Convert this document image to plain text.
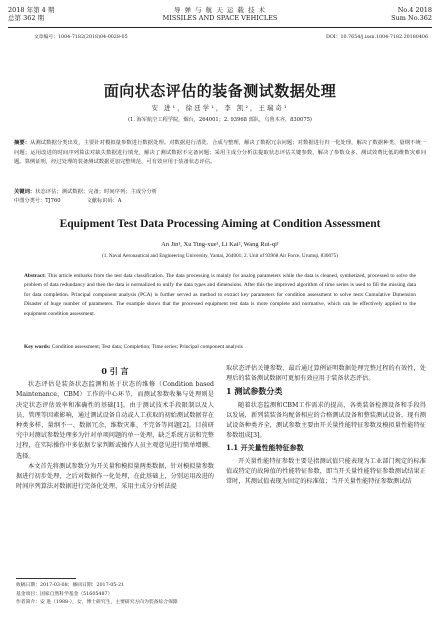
2018 年第 4 期
总第 362 期
导 弹 与 航 天 运 载 技 术
MISSILES AND SPACE VEHICLES
No.4 2018
Sum No.362
文章编号：1004-7182(2018)04-0028-05	DOI：10.7654/j.issn.1004-7182.20180406
面向状态评估的装备测试数据处理
安 进¹，徐廷学¹，李 凯²，王瑞奇¹
(1. 海军航空工程学院，烟台，264001；2. 93968 部队，乌鲁木齐，830075)
摘要：从测试数据分类出发，主要针对模拟量参数进行数据处理。对数据进行清洗、合成与整理，解决了数据冗余问题；对数据进行归一化处理，解决了数据种类、量纲不统一问题；运用改进的时间序列算法对缺失数据进行填充，解决了测试数据不完备问题；采用主成分分析法提取状态评估关键参数，解决了参数众多、测试效费比低的维数灾难问题。算例证明，经过处理的装备测试数据更加完整规范，可有效应用于装备状态评估。
关键词：状态评估；测试数据；完备；时间序列；主成分分析
中图分类号：TJ760	文献标识码：A
Equipment Test Data Processing Aiming at Condition Assessment
An Jin¹, Xu Ting-xue¹, Li Kai², Wang Rui-qi¹
(1. Naval Aeronautical and Engineering University, Yantai, 264001; 2. Unit of 93968 Air Force, Urumqi, 830075)
Abstract: This article embarks from the test data classification. The data processing is mainly for analog parameters while the data is cleaned, synthetized, processed to solve the problem of data redundancy and then the data is normalized to unify the data types and dimensions. After this the improved algorithm of time series is used to fill the missing data for data completion. Principal component analysis (PCA) is further served as method to extract key parameters for condition assessment to solve tests Cumulative Dimension Disaster of huge number of parameters. The example shows that the processed equipment test data is more complete and normative, which can be effectively applied to the equipment condition assessment.
Key words: Condition assessment; Test data; Completion; Time series; Principal component analysis
0 引 言
状态评估是装备状态监测和基于状态的维修（Condition based Maintenance，CBM）工作的中心环节，而测试参数收集与处理则是决定状态评估效率和准确性的基础[1]。由于测试技术手段限制以及人员、管理等因素影响，通过测试设备自动或人工获取的初始测试数据存在种类多样、量纲不一、数据冗余、维数灾难、不完备等问题[2]。目前研究中对测试参数处理多为针对单项问题的单一处理，缺乏系统方法和完整过程，在实际操作中多依据专家判断或操作人员主观意见进行简单增删、选择。
本文首先将测试参数分为开关量和模拟量两类数据，针对模拟量参数据进行初步处理，之后对数据作一化处理，在此基础上，分别运用改进的时间序列算法对数据进行完备化处理、采用主成分分析法提
取状态评估关键参数，最后通过算例证明数据处理完整过程的有效性，处理后的装备测试数据可更加有效应用于装备状态评估。
1 测试参数分类
随着状态监测和CBM工作需求的提高，各类装备检测设备和手段得以发展，新列装装备均配备相应的合格测试设备和整装测试设备，现有测试设备种类齐全，测试参数主要由开关量性能特征参数及模拟量性能特征参数组成[3]。
1.1 开关量性能特征参数
开关量性能特征参数主要是指测试值只能表现为工业部门规定的标准值或特定的故障值的性能特征参数，即当开关量性能特征参数测试结果正常时，其测试值表现为固定的标准值；当开关量性能特征参数测试结
收稿日期：2017-03-08；修回日期：2017-05-21
基金项目：国家自然科学基金（51605487）
作者简介：安 进（1988-），女，博士研究生，主要研究方向为装备综合保障
